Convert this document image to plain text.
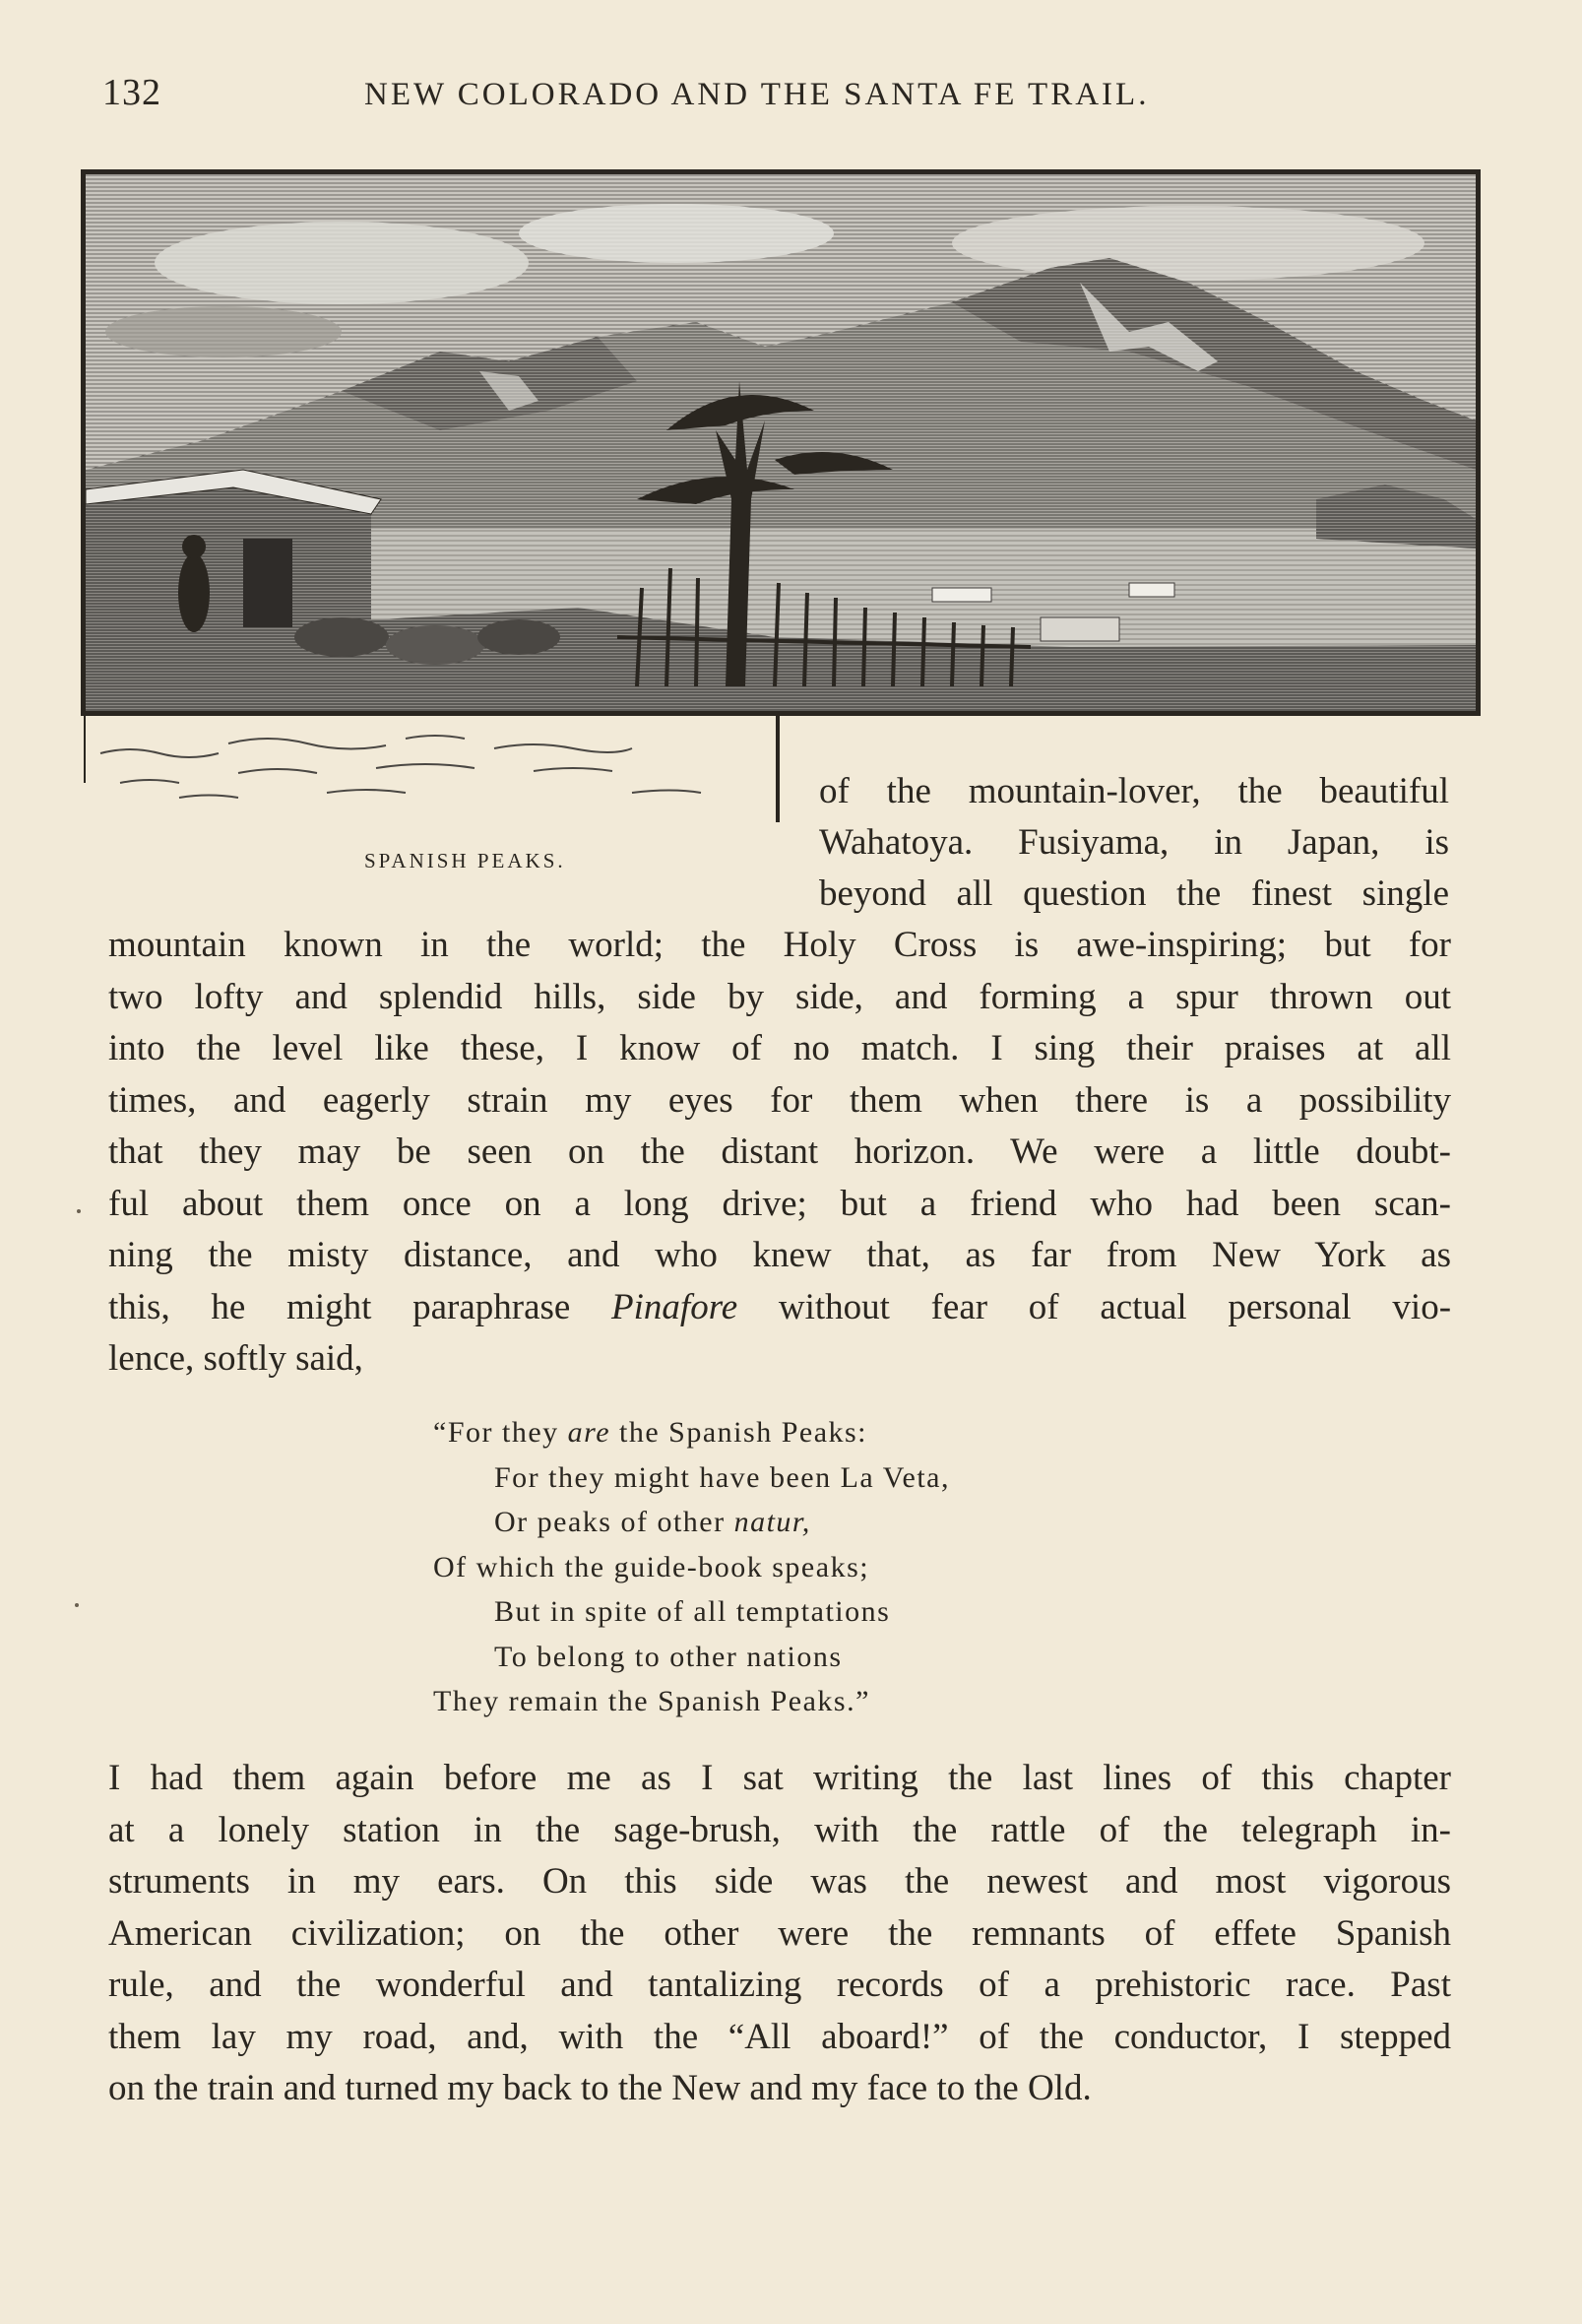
132	NEW COLORADO AND THE SANTA FE TRAIL.
SPANISH PEAKS.
of the mountain-lover, the beautiful
Wahatoya. Fusiyama, in Japan, is
beyond all question the finest single
mountain known in the world; the Holy Cross is awe-inspiring; but for
two lofty and splendid hills, side by side, and forming a spur thrown out
into the level like these, I know of no match. I sing their praises at all
times, and eagerly strain my eyes for them when there is a possibility
that they may be seen on the distant horizon. We were a little doubt-
ful about them once on a long drive; but a friend who had been scan-
ning the misty distance, and who knew that, as far from New York as
this, he might paraphrase Pinafore without fear of actual personal vio-
lence, softly said,
“For they are the Spanish Peaks:
For they might have been La Veta,
Or peaks of other natur,
Of which the guide-book speaks;
But in spite of all temptations
To belong to other nations
They remain the Spanish Peaks.”
I had them again before me as I sat writing the last lines of this chapter
at a lonely station in the sage-brush, with the rattle of the telegraph in-
struments in my ears. On this side was the newest and most vigorous
American civilization; on the other were the remnants of effete Spanish
rule, and the wonderful and tantalizing records of a prehistoric race. Past
them lay my road, and, with the “All aboard!” of the conductor, I stepped
on the train and turned my back to the New and my face to the Old.
